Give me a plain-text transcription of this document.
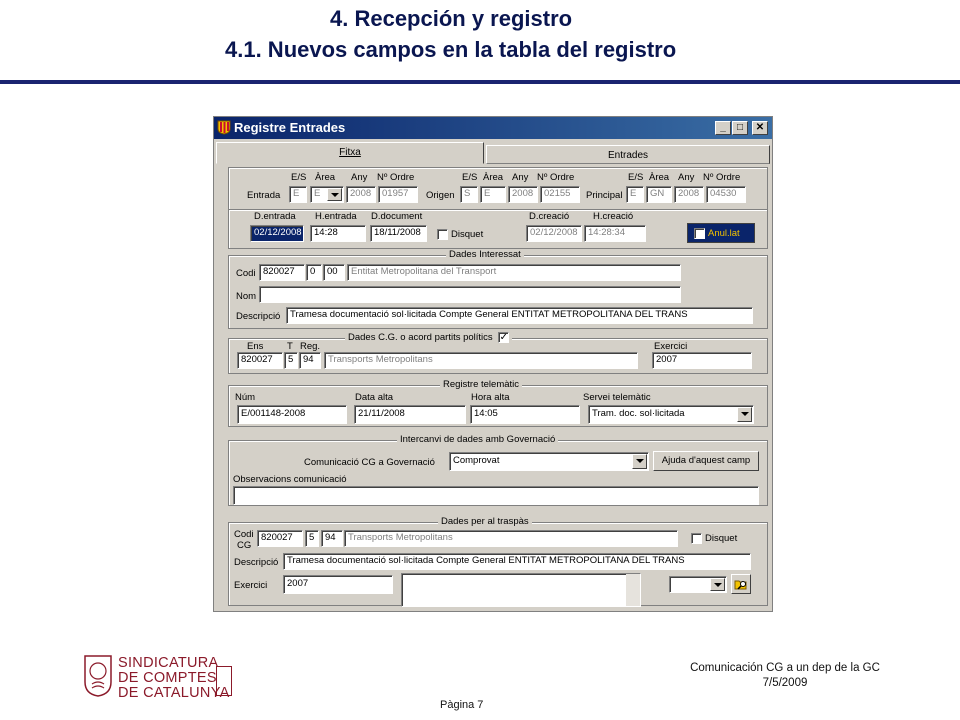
4. Recepción y registro
4.1. Nuevos campos en la tabla del registro
Registre Entrades	_	□	✕
Fitxa	Entrades
E/S Àrea Any Nº Ordre	E/S Àrea Any Nº Ordre	E/S Àrea Any Nº Ordre
Entrada	E	E	2008	01957	Origen S	E	2008	02155	Principal E	GN	2008	04530
D.entrada H.entrada D.document	D.creació	H.creació
02/12/2008	14:28	18/11/2008	Disquet	02/12/2008	14:28:34	Anul.lat
Dades Interessat
Codi 820027	0	00	Entitat Metropolitana del Transport
Nom
Descripció	Tramesa documentació sol·licitada Compte General ENTITAT METROPOLITANA DEL TRANS
Dades C.G. o acord partits polítics ✓
Ens T Reg.	Exercici
820027	5	94	Transports Metropolitans	2007
Registre telemàtic
Núm	Data alta	Hora alta	Servei telemàtic
E/001148-2008	21/11/2008	14:05	Tram. doc. sol·licitada
Intercanvi de dades amb Governació
Comunicació CG a Governació	Comprovat	Ajuda d'aquest camp
Observacions comunicació
Dades per al traspàs
Codi
CG
820027	5	94	Transports Metropolitans	Disquet
Descripció Tramesa documentació sol·licitada Compte General ENTITAT METROPOLITANA DEL TRANS
Exercici	2007
SINDICATURA
DE COMPTES
DE CATALUNYA
Comunicación CG a un dep de la GC
7/5/2009
Pàgina 7
